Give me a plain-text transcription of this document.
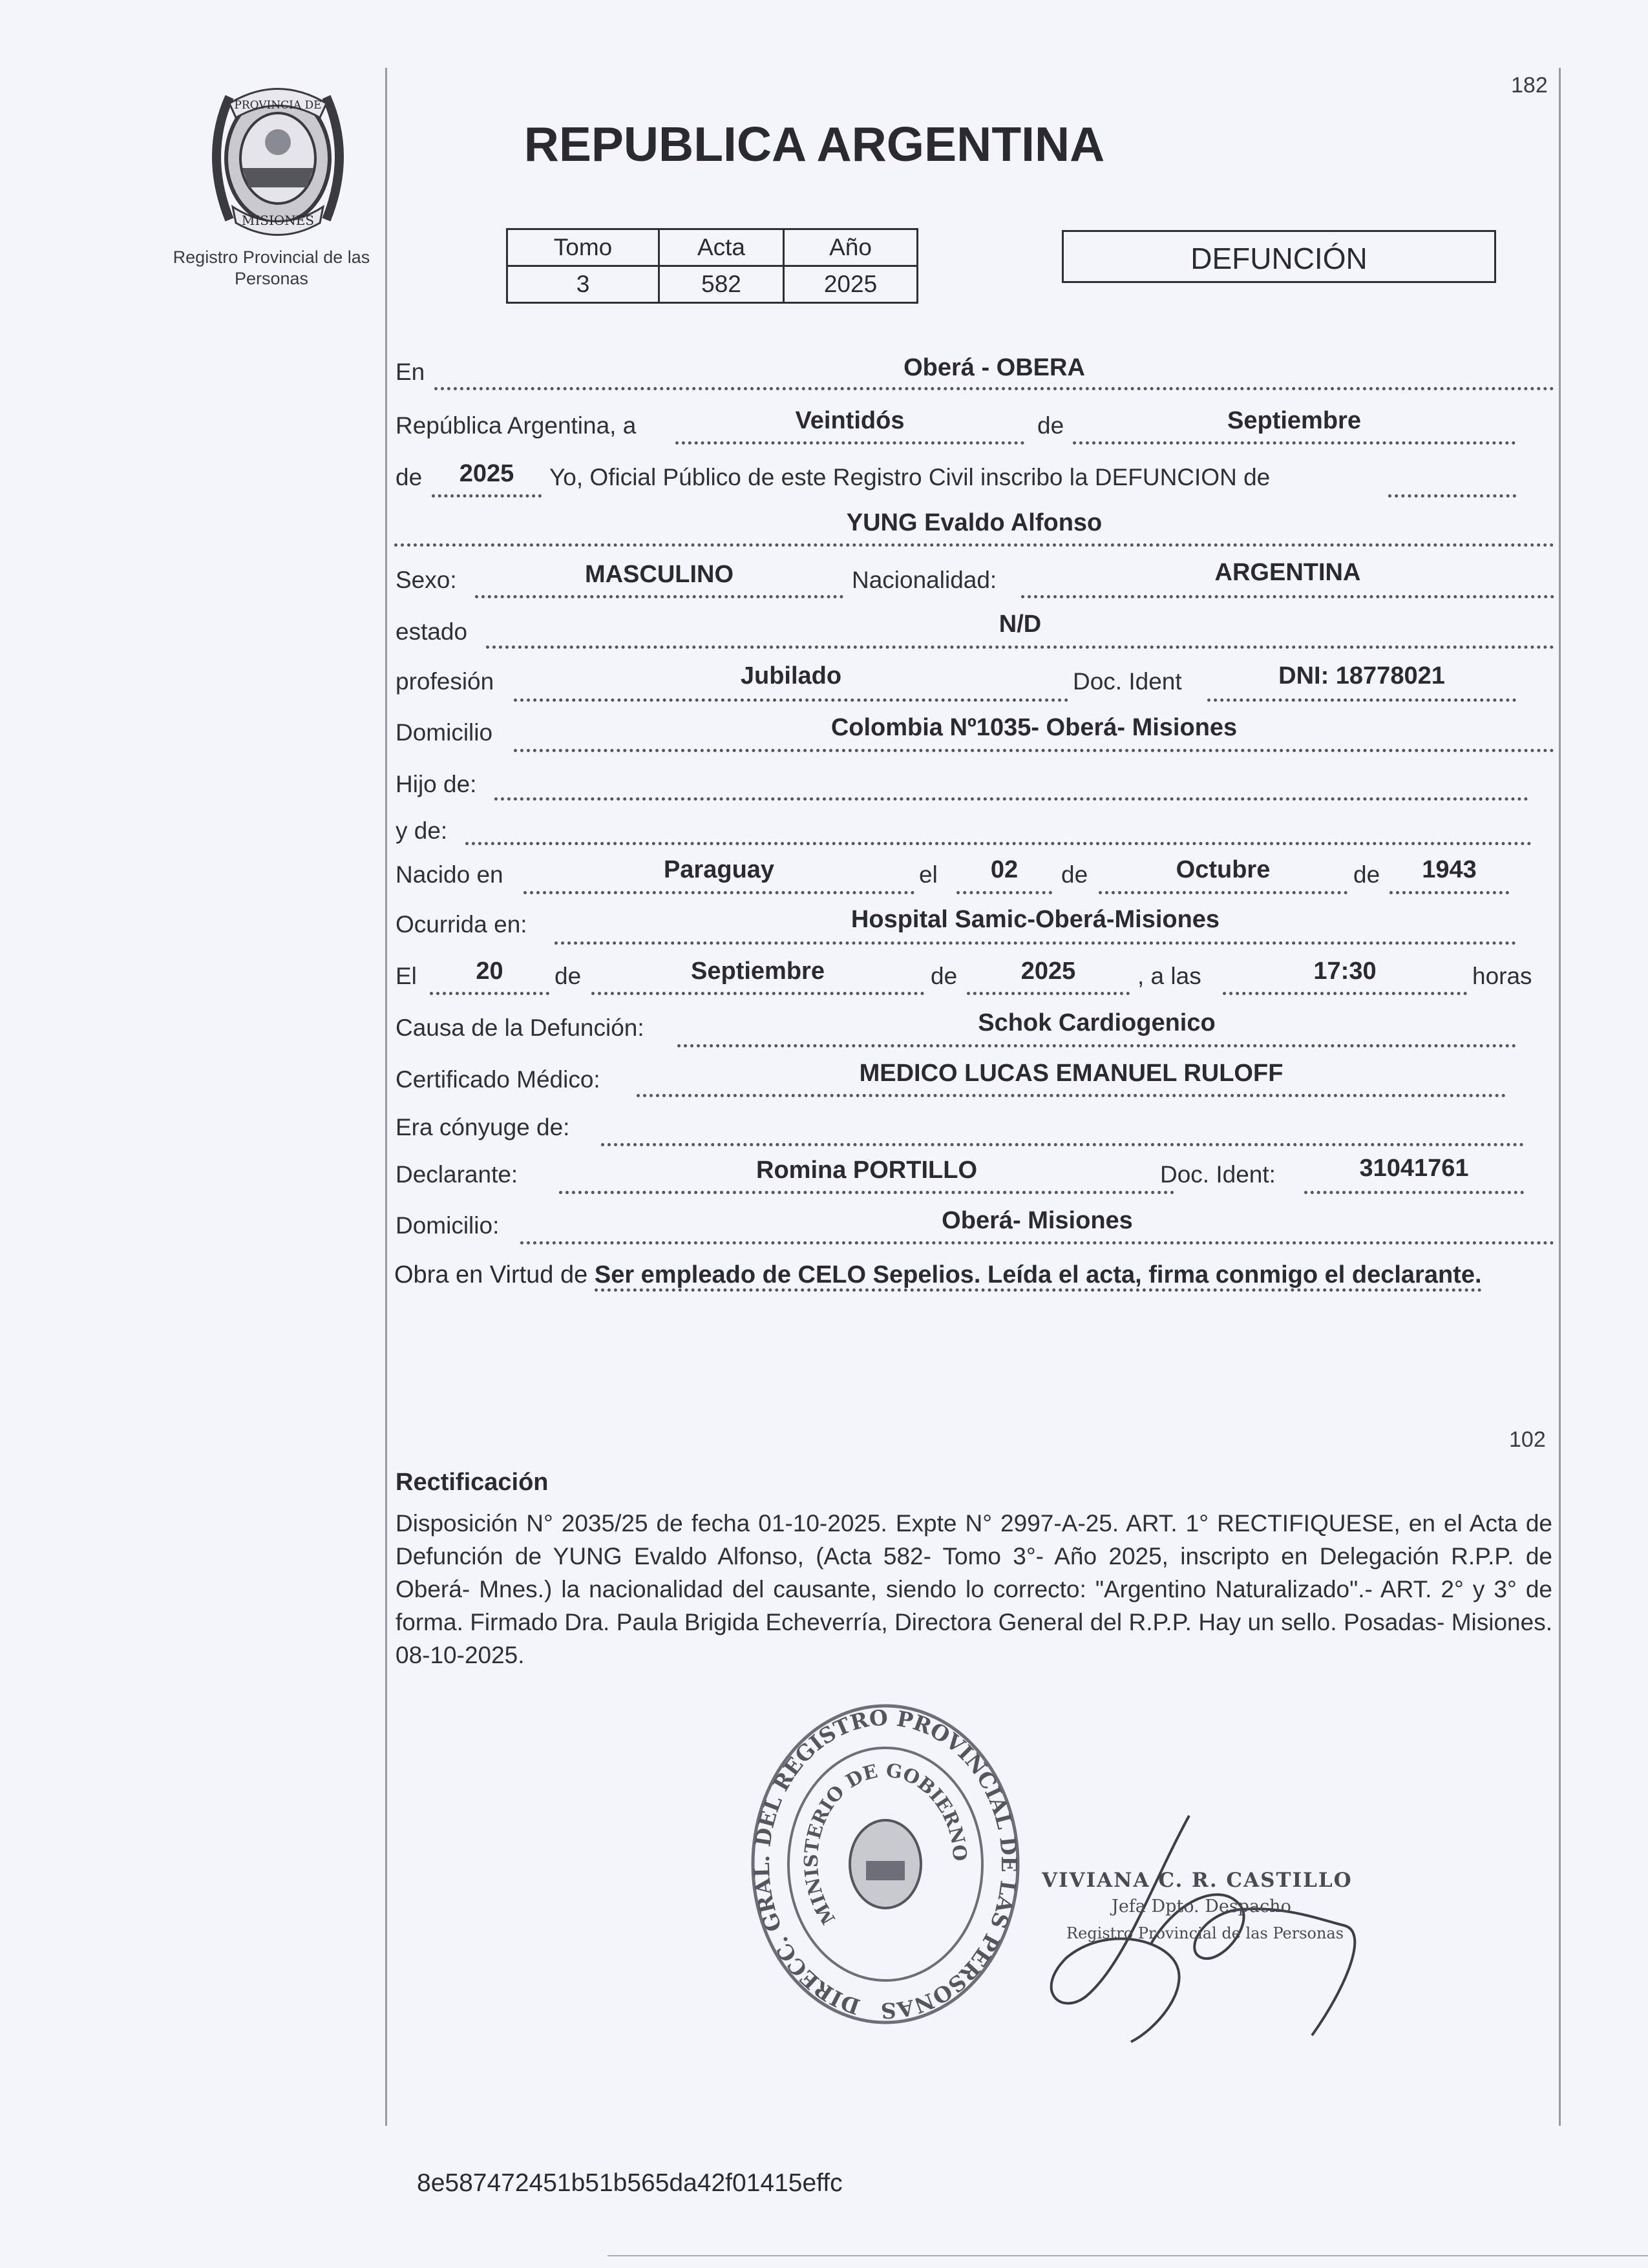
PROVINCIA DE
MISIONES
Registro Provincial de las Personas
182
REPUBLICA ARGENTINA
Tomo	Acta	Año
3	582	2025
DEFUNCIÓN
En	Oberá - OBERA
República Argentina, a	Veintidós	de	Septiembre
de	2025	Yo, Oficial Público de este Registro Civil inscribo la DEFUNCION de
YUNG Evaldo Alfonso
Sexo:	MASCULINO	Nacionalidad:	ARGENTINA
estado	N/D
profesión	Jubilado	Doc. Ident	DNI: 18778021
Domicilio	Colombia Nº1035- Oberá- Misiones
Hijo de:
y de:
Nacido en	Paraguay	el	02	de	Octubre	de	1943
Ocurrida en:	Hospital Samic-Oberá-Misiones
El	20	de	Septiembre	de	2025	, a las	17:30	horas
Causa de la Defunción:	Schok Cardiogenico
Certificado Médico:	MEDICO LUCAS EMANUEL RULOFF
Era cónyuge de:
Declarante:	Romina PORTILLO	Doc. Ident:	31041761
Domicilio:	Oberá- Misiones
Obra en Virtud de Ser empleado de CELO Sepelios. Leída el acta, firma conmigo el declarante.
102
Rectificación
Disposición N° 2035/25 de fecha 01-10-2025. Expte N° 2997-A-25. ART. 1° RECTIFIQUESE, en el Acta de Defunción de YUNG Evaldo Alfonso, (Acta 582- Tomo 3°- Año 2025, inscripto en Delegación R.P.P. de Oberá- Mnes.) la nacionalidad del causante, siendo lo correcto: "Argentino Naturalizado".- ART. 2° y 3° de forma. Firmado Dra. Paula Brigida Echeverría, Directora General del R.P.P. Hay un sello. Posadas- Misiones. 08-10-2025.
DIRECC. GRAL. DEL REGISTRO PROVINCIAL DE LAS PERSONAS
MINISTERIO DE GOBIERNO
VIVIANA C. R. CASTILLO
Jefa Dpto. Despacho
Registro Provincial de las Personas
8e587472451b51b565da42f01415effc
